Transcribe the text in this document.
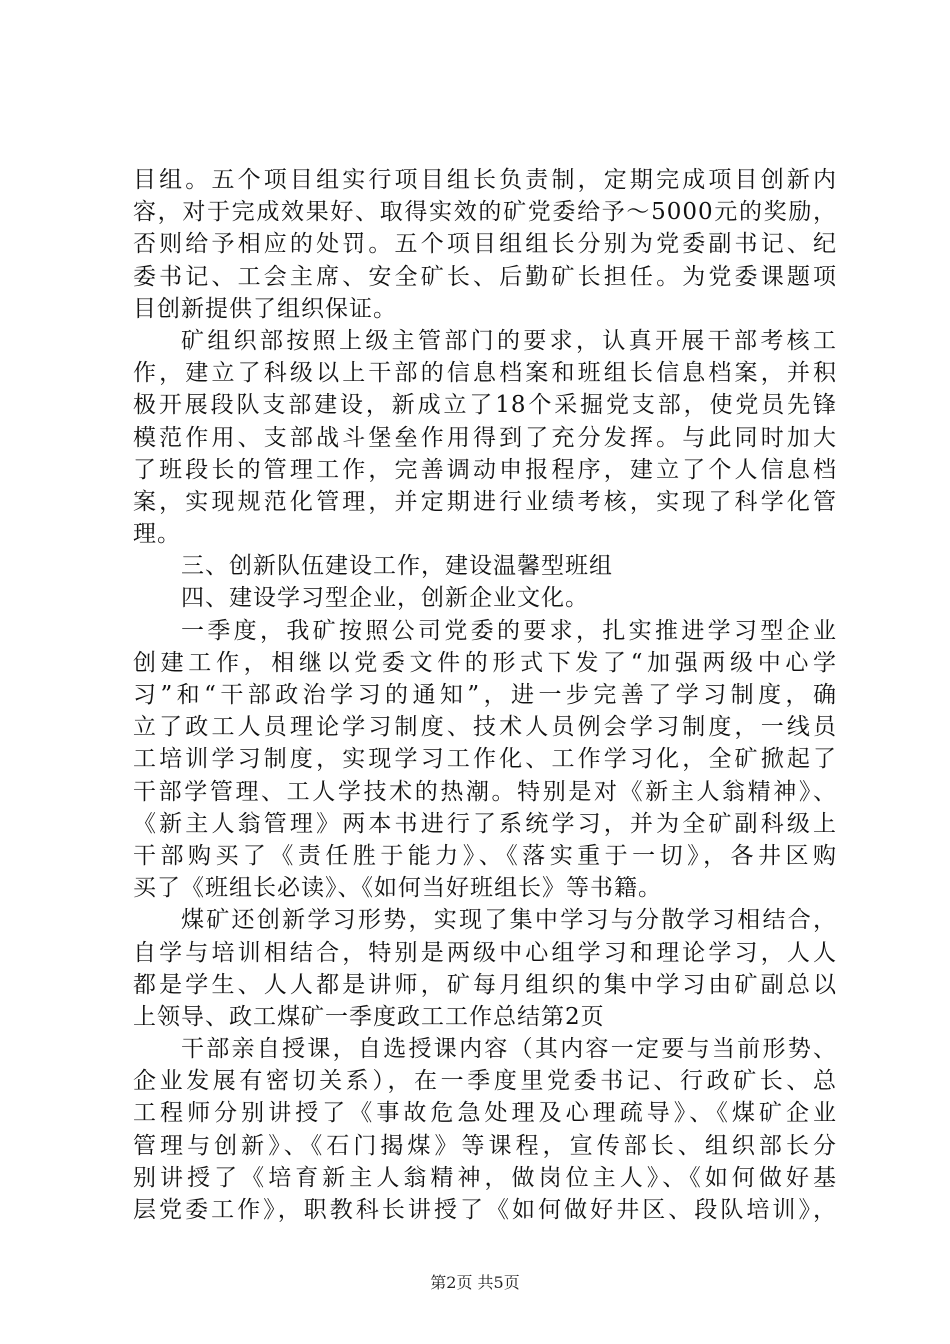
目组。五个项目组实行项目组长负责制，定期完成项目创新内
容，对于完成效果好、取得实效的矿党委给予～5000元的奖励，
否则给予相应的处罚。五个项目组组长分别为党委副书记、纪
委书记、工会主席、安全矿长、后勤矿长担任。为党委课题项
目创新提供了组织保证。
矿组织部按照上级主管部门的要求，认真开展干部考核工
作，建立了科级以上干部的信息档案和班组长信息档案，并积
极开展段队支部建设，新成立了18个采掘党支部，使党员先锋
模范作用、支部战斗堡垒作用得到了充分发挥。与此同时加大
了班段长的管理工作，完善调动申报程序，建立了个人信息档
案，实现规范化管理，并定期进行业绩考核，实现了科学化管
理。
三、创新队伍建设工作，建设温馨型班组
四、建设学习型企业，创新企业文化。
一季度，我矿按照公司党委的要求，扎实推进学习型企业
创建工作，相继以党委文件的形式下发了“加强两级中心学
习”和“干部政治学习的通知”，进一步完善了学习制度，确
立了政工人员理论学习制度、技术人员例会学习制度，一线员
工培训学习制度，实现学习工作化、工作学习化，全矿掀起了
干部学管理、工人学技术的热潮。特别是对《新主人翁精神》、
《新主人翁管理》两本书进行了系统学习，并为全矿副科级上
干部购买了《责任胜于能力》、《落实重于一切》，各井区购
买了《班组长必读》、《如何当好班组长》等书籍。
煤矿还创新学习形势，实现了集中学习与分散学习相结合，
自学与培训相结合，特别是两级中心组学习和理论学习，人人
都是学生、人人都是讲师，矿每月组织的集中学习由矿副总以
上领导、政工煤矿一季度政工工作总结第2页
干部亲自授课，自选授课内容（其内容一定要与当前形势、
企业发展有密切关系），在一季度里党委书记、行政矿长、总
工程师分别讲授了《事故危急处理及心理疏导》、《煤矿企业
管理与创新》、《石门揭煤》等课程，宣传部长、组织部长分
别讲授了《培育新主人翁精神，做岗位主人》、《如何做好基
层党委工作》，职教科长讲授了《如何做好井区、段队培训》，
第2页 共5页
